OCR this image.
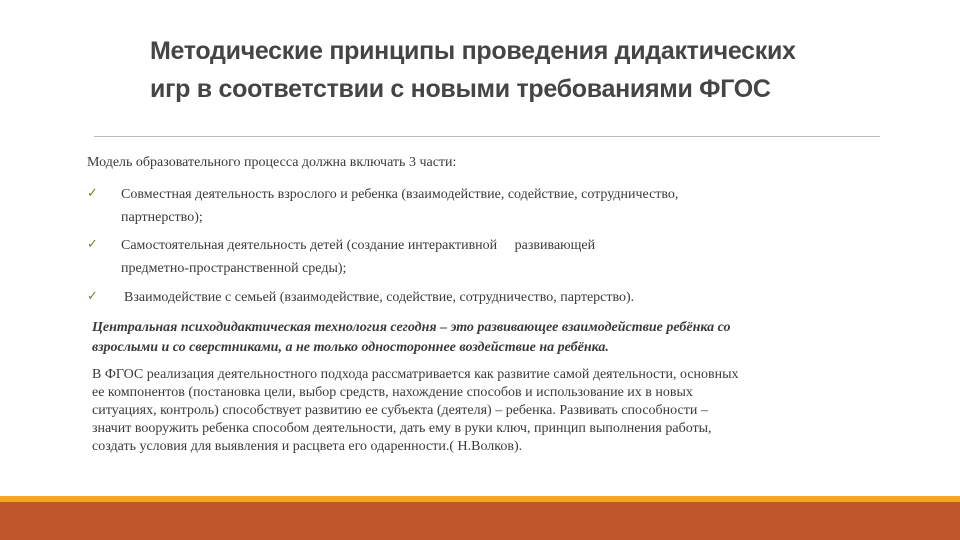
Методические принципы проведения дидактических
игр в соответствии с новыми требованиями ФГОС
Модель образовательного процесса должна включать 3 части:
✓ Совместная деятельность взрослого и ребенка (взаимодействие, содействие, сотрудничество,
партнерство);
✓ Самостоятельная деятельность детей (создание интерактивной     развивающей
предметно-пространственной среды);
✓ Взаимодействие с семьей (взаимодействие, содействие, сотрудничество, партерство).
Центральная психодидактическая технология сегодня – это развивающее взаимодействие ребёнка со
взрослыми и со сверстниками, а не только одностороннее воздействие на ребёнка.
В ФГОС реализация деятельностного подхода рассматривается как развитие самой деятельности, основных
ее компонентов (постановка цели, выбор средств, нахождение способов и использование их в новых
ситуациях, контроль) способствует развитию ее субъекта (деятеля) – ребенка. Развивать способности –
значит вооружить ребенка способом деятельности, дать ему в руки ключ, принцип выполнения работы,
создать условия для выявления и расцвета его одаренности.( Н.Волков).
